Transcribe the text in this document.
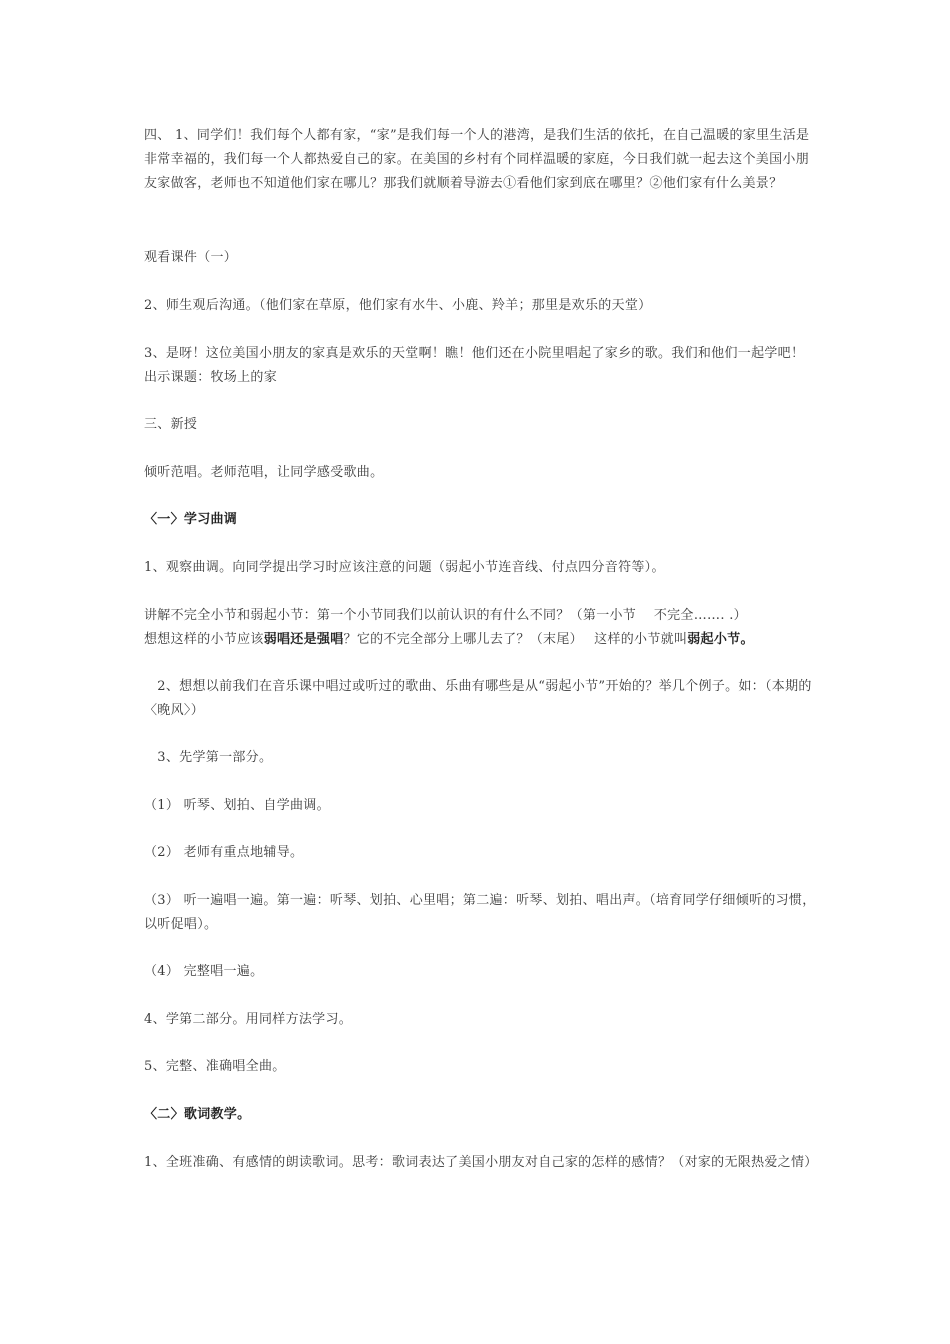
四、 1、同学们！我们每个人都有家，“家”是我们每一个人的港湾，是我们生活的依托，在自己温暖的家里生活是非常幸福的，我们每一个人都热爱自己的家。在美国的乡村有个同样温暖的家庭，今日我们就一起去这个美国小朋友家做客，老师也不知道他们家在哪儿？那我们就顺着导游去①看他们家到底在哪里？②他们家有什么美景？

观看课件（一）

2、师生观后沟通。（他们家在草原，他们家有水牛、小鹿、羚羊；那里是欢乐的天堂）

3、是呀！这位美国小朋友的家真是欢乐的天堂啊！瞧！他们还在小院里唱起了家乡的歌。我们和他们一起学吧！出示课题：牧场上的家

三、新授

倾听范唱。老师范唱，让同学感受歌曲。

〈一〉学习曲调

1、观察曲调。向同学提出学习时应该注意的问题（弱起小节连音线、付点四分音符等）。

讲解不完全小节和弱起小节：第一个小节同我们以前认识的有什么不同？（第一小节　 不完全……. .）

想想这样的小节应该弱唱还是强唱？它的不完全部分上哪儿去了？（末尾）　 这样的小节就叫弱起小节。

　2、想想以前我们在音乐课中唱过或听过的歌曲、乐曲有哪些是从“弱起小节”开始的？举几个例子。如：（本期的〈晚风〉）

　3、先学第一部分。

（1） 听琴、划拍、自学曲调。

（2） 老师有重点地辅导。

（3） 听一遍唱一遍。第一遍：听琴、划拍、心里唱；第二遍：听琴、划拍、唱出声。（培育同学仔细倾听的习惯，以听促唱）。

（4） 完整唱一遍。

4、学第二部分。用同样方法学习。

5、完整、准确唱全曲。

〈二〉歌词教学。

1、全班准确、有感情的朗读歌词。思考：歌词表达了美国小朋友对自己家的怎样的感情？（对家的无限热爱之情）
